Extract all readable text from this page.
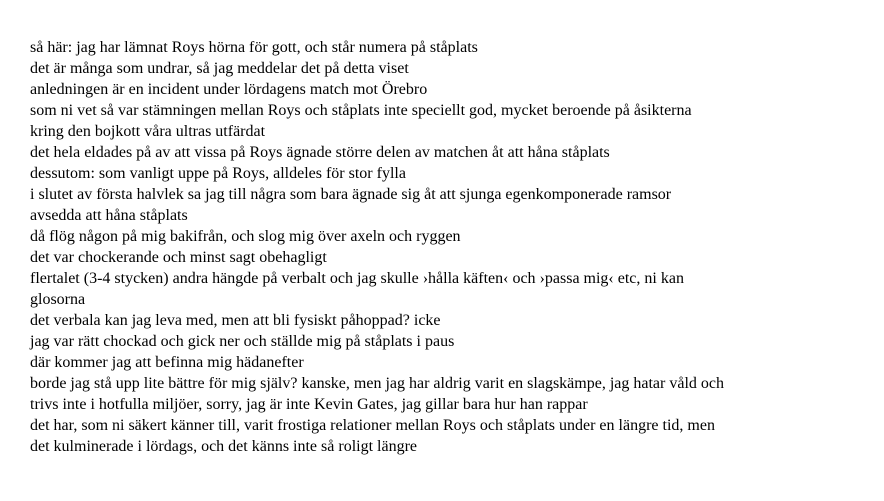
så här: jag har lämnat Roys hörna för gott, och står numera på ståplats

det är många som undrar, så jag meddelar det på detta viset

anledningen är en incident under lördagens match mot Örebro

som ni vet så var stämningen mellan Roys och ståplats inte speciellt god, mycket beroende på åsikterna

kring den bojkott våra ultras utfärdat

det hela eldades på av att vissa på Roys ägnade större delen av matchen åt att håna ståplats

dessutom: som vanligt uppe på Roys, alldeles för stor fylla

i slutet av första halvlek sa jag till några som bara ägnade sig åt att sjunga egenkomponerade ramsor

avsedda att håna ståplats

då flög någon på mig bakifrån, och slog mig över axeln och ryggen

det var chockerande och minst sagt obehagligt

flertalet (3-4 stycken) andra hängde på verbalt och jag skulle ›hålla käften‹ och ›passa mig‹ etc, ni kan

glosorna

det verbala kan jag leva med, men att bli fysiskt påhoppad? icke

jag var rätt chockad och gick ner och ställde mig på ståplats i paus

där kommer jag att befinna mig hädanefter

borde jag stå upp lite bättre för mig själv? kanske, men jag har aldrig varit en slagskämpe, jag hatar våld och

trivs inte i hotfulla miljöer, sorry, jag är inte Kevin Gates, jag gillar bara hur han rappar

det har, som ni säkert känner till, varit frostiga relationer mellan Roys och ståplats under en längre tid, men

det kulminerade i lördags, och det känns inte så roligt längre
